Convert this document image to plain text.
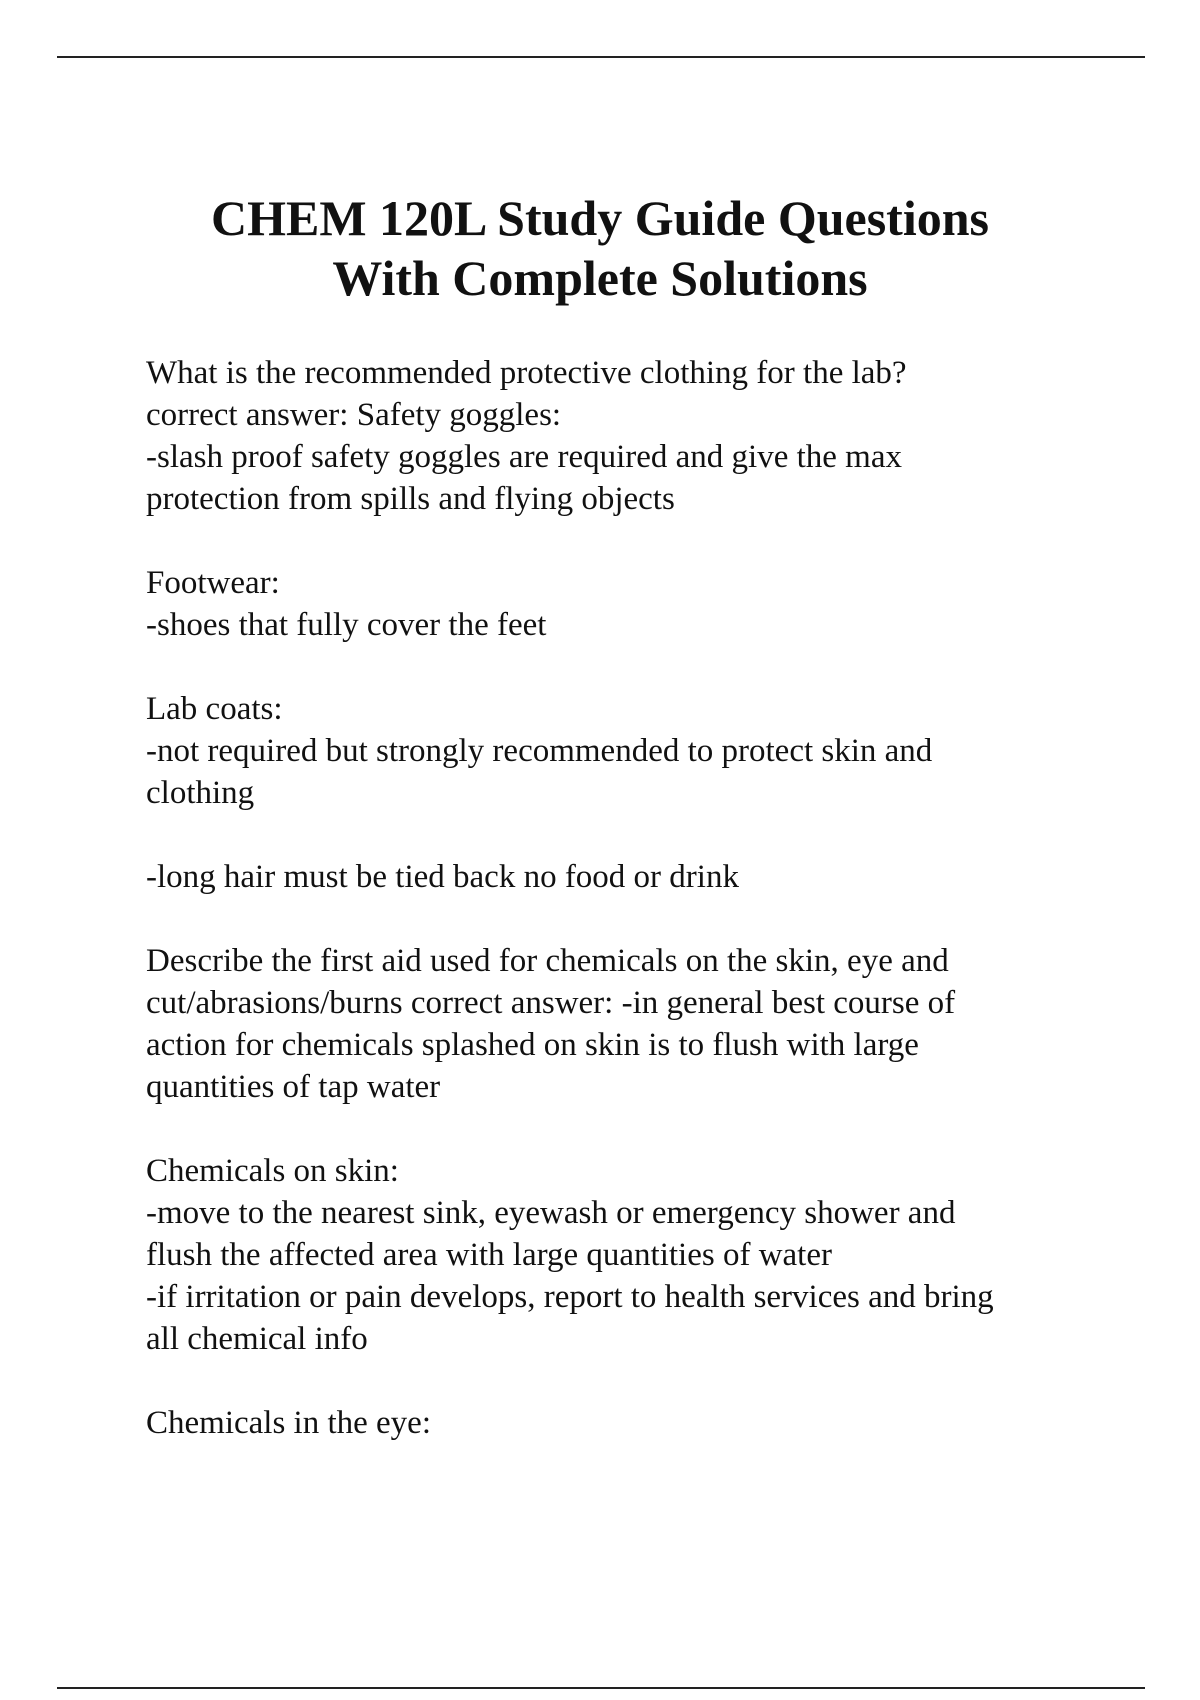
CHEM 120L Study Guide Questions
With Complete Solutions

What is the recommended protective clothing for the lab?
correct answer: Safety goggles:
-slash proof safety goggles are required and give the max
protection from spills and flying objects

Footwear:
-shoes that fully cover the feet

Lab coats:
-not required but strongly recommended to protect skin and
clothing

-long hair must be tied back no food or drink

Describe the first aid used for chemicals on the skin, eye and
cut/abrasions/burns correct answer: -in general best course of
action for chemicals splashed on skin is to flush with large
quantities of tap water

Chemicals on skin:
-move to the nearest sink, eyewash or emergency shower and
flush the affected area with large quantities of water
-if irritation or pain develops, report to health services and bring
all chemical info

Chemicals in the eye:
